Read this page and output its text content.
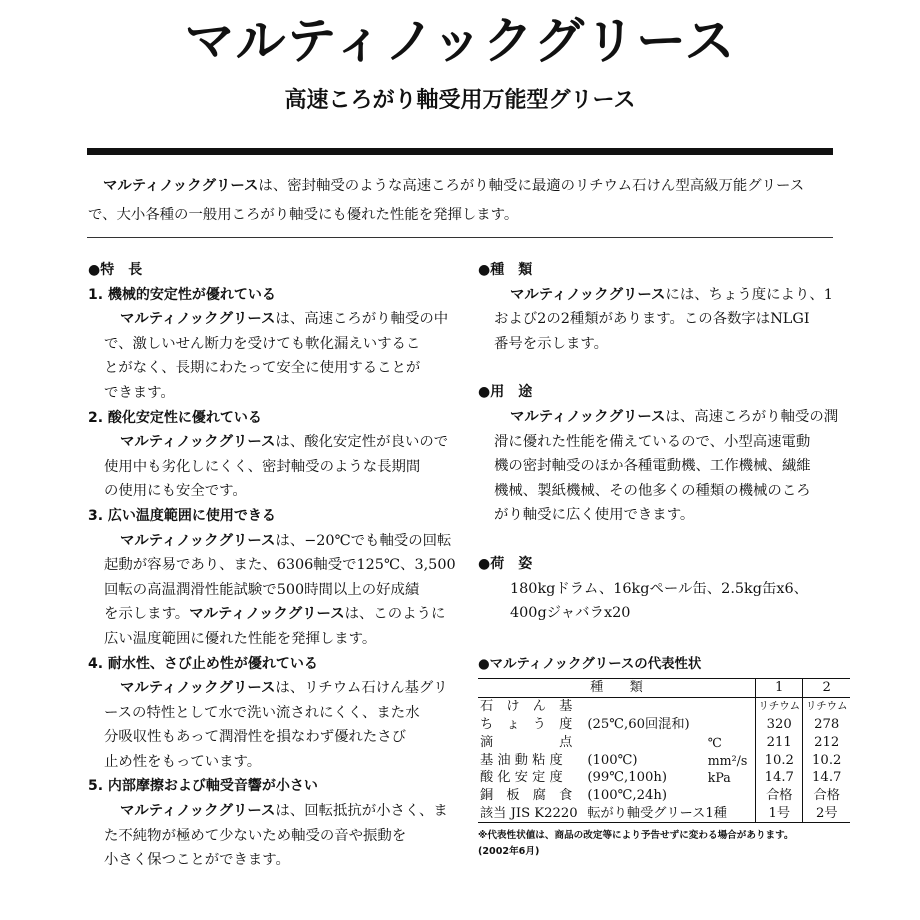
マルティノックグリース
高速ころがり軸受用万能型グリース
マルティノックグリースは、密封軸受のような高速ころがり軸受に最適のリチウム石けん型高級万能グリース
で、大小各種の一般用ころがり軸受にも優れた性能を発揮します。
●特　長
1. 機械的安定性が優れている
マルティノックグリースは、高速ころがり軸受の中
で、激しいせん断力を受けても軟化漏えいするこ
とがなく、長期にわたって安全に使用することが
できます。
2. 酸化安定性に優れている
マルティノックグリースは、酸化安定性が良いので
使用中も劣化しにくく、密封軸受のような長期間
の使用にも安全です。
3. 広い温度範囲に使用できる
マルティノックグリースは、−20℃でも軸受の回転
起動が容易であり、また、6306軸受で125℃、3,500
回転の高温潤滑性能試験で500時間以上の好成績
を示します。マルティノックグリースは、このように
広い温度範囲に優れた性能を発揮します。
4. 耐水性、さび止め性が優れている
マルティノックグリースは、リチウム石けん基グリ
ースの特性として水で洗い流されにくく、また水
分吸収性もあって潤滑性を損なわず優れたさび
止め性をもっています。
5. 内部摩擦および軸受音響が小さい
マルティノックグリースは、回転抵抗が小さく、ま
た不純物が極めて少ないため軸受の音や振動を
小さく保つことができます。
●種　類
マルティノックグリースには、ちょう度により、1
および2の2種類があります。この各数字はNLGI
番号を示します。
●用　途
マルティノックグリースは、高速ころがり軸受の潤
滑に優れた性能を備えているので、小型高速電動
機の密封軸受のほか各種電動機、工作機械、繊維
機械、製紙機械、その他多くの種類の機械のころ
がり軸受に広く使用できます。
●荷　姿
180kgドラム、16kgペール缶、2.5kg缶x6、
400gジャバラx20
●マルティノックグリースの代表性状
種　　類			1	2
石　け　ん　基			リチウム	リチウム
ち　ょ　う　度	(25℃,60回混和)		320	278
滴　　　　　点		℃	211	212
基 油 動 粘 度	(100℃)	mm²/s	10.2	10.2
酸 化 安 定 度	(99℃,100h)	kPa	14.7	14.7
銅　板　腐　食	(100℃,24h)		合格	合格
該当 JIS K2220	転がり軸受グリース1種		1号	2号
※代表性状値は、商品の改定等により予告せずに変わる場合があります。
(2002年6月)
